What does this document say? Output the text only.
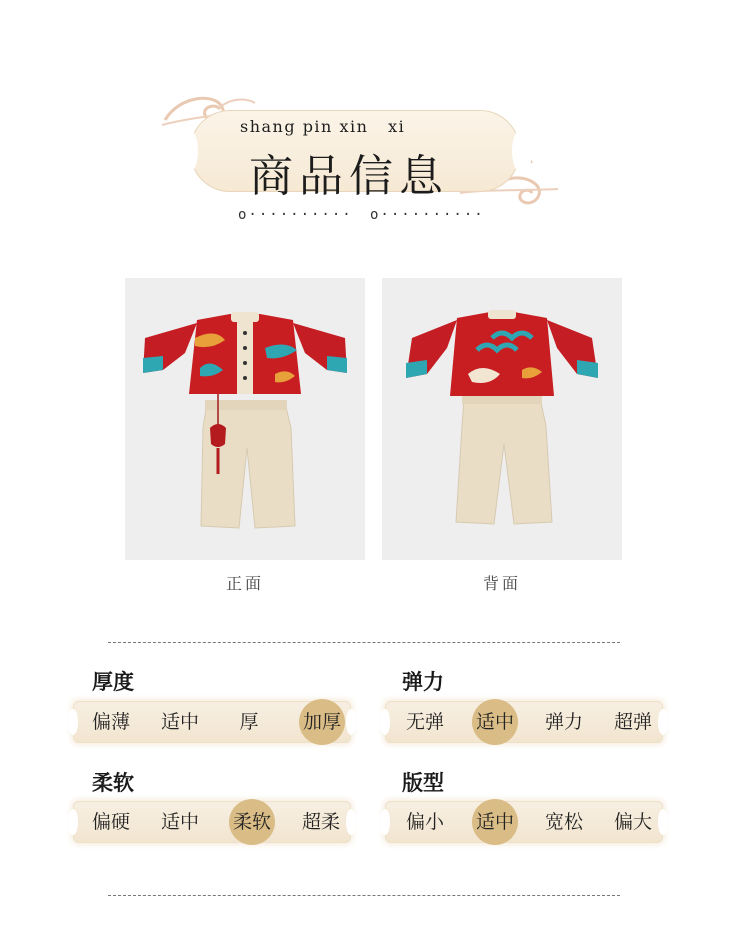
shang pin xin   xi
商品信息
o·········· o··········
正面	背面
厚度
偏薄	适中	厚	加厚
弹力
无弹	适中	弹力	超弹
柔软
偏硬	适中	柔软	超柔
版型
偏小	适中	宽松	偏大
